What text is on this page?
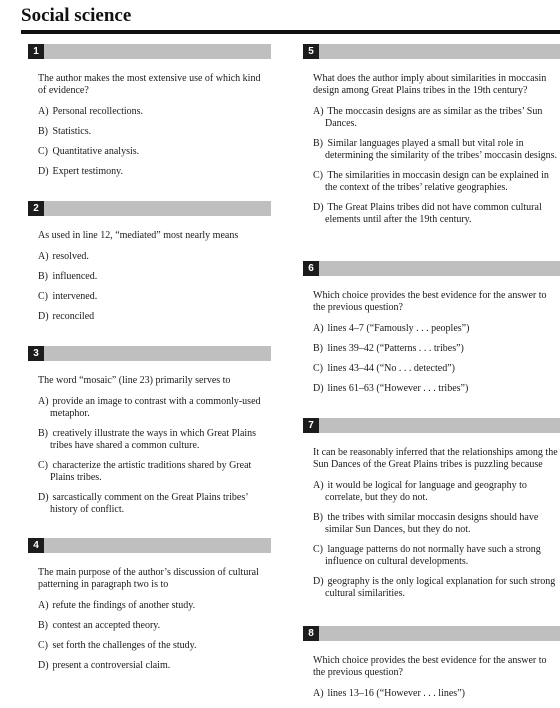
Social science
1
The author makes the most extensive use of which kind of evidence?
A) Personal recollections.
B) Statistics.
C) Quantitative analysis.
D) Expert testimony.
2
As used in line 12, “mediated” most nearly means
A) resolved.
B) influenced.
C) intervened.
D) reconciled
3
The word “mosaic” (line 23) primarily serves to
A) provide an image to contrast with a commonly-used metaphor.
B) creatively illustrate the ways in which Great Plains tribes have shared a common culture.
C) characterize the artistic traditions shared by Great Plains tribes.
D) sarcastically comment on the Great Plains tribes’ history of conflict.
4
The main purpose of the author’s discussion of cultural patterning in paragraph two is to
A) refute the findings of another study.
B) contest an accepted theory.
C) set forth the challenges of the study.
D) present a controversial claim.
5
What does the author imply about similarities in moccasin design among Great Plains tribes in the 19th century?
A) The moccasin designs are as similar as the tribes’ Sun Dances.
B) Similar languages played a small but vital role in determining the similarity of the tribes’ moccasin designs.
C) The similarities in moccasin design can be explained in the context of the tribes’ relative geographies.
D) The Great Plains tribes did not have common cultural elements until after the 19th century.
6
Which choice provides the best evidence for the answer to the previous question?
A) lines 4–7 (“Famously . . . peoples”)
B) lines 39–42 (“Patterns . . . tribes”)
C) lines 43–44 (“No . . . detected”)
D) lines 61–63 (“However . . . tribes”)
7
It can be reasonably inferred that the relationships among the Sun Dances of the Great Plains tribes is puzzling because
A) it would be logical for language and geography to correlate, but they do not.
B) the tribes with similar moccasin designs should have similar Sun Dances, but they do not.
C) language patterns do not normally have such a strong influence on cultural developments.
D) geography is the only logical explanation for such strong cultural similarities.
8
Which choice provides the best evidence for the answer to the previous question?
A) lines 13–16 (“However . . . lines”)
